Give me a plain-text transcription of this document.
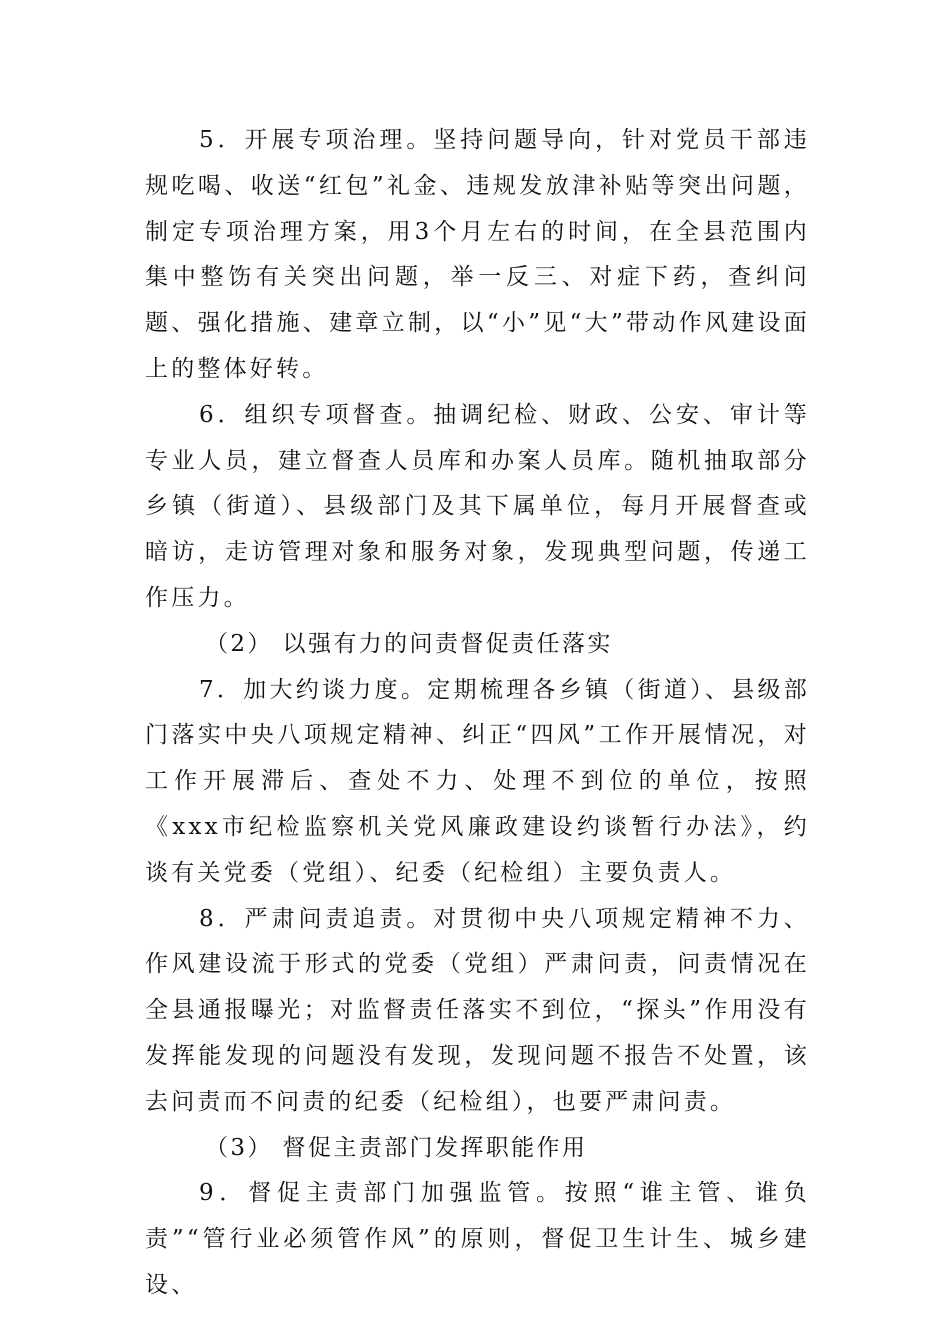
5．开展专项治理。坚持问题导向，针对党员干部违规吃喝、收送“红包”礼金、违规发放津补贴等突出问题，制定专项治理方案，用3个月左右的时间，在全县范围内集中整饬有关突出问题，举一反三、对症下药，查纠问题、强化措施、建章立制，以“小”见“大”带动作风建设面上的整体好转。

6．组织专项督查。抽调纪检、财政、公安、审计等专业人员，建立督查人员库和办案人员库。随机抽取部分乡镇（街道）、县级部门及其下属单位，每月开展督查或暗访，走访管理对象和服务对象，发现典型问题，传递工作压力。

（2） 以强有力的问责督促责任落实

7．加大约谈力度。定期梳理各乡镇（街道）、县级部门落实中央八项规定精神、纠正“四风”工作开展情况，对工作开展滞后、查处不力、处理不到位的单位，按照《xxx市纪检监察机关党风廉政建设约谈暂行办法》，约谈有关党委（党组）、纪委（纪检组）主要负责人。

8．严肃问责追责。对贯彻中央八项规定精神不力、作风建设流于形式的党委（党组）严肃问责，问责情况在全县通报曝光；对监督责任落实不到位，“探头”作用没有发挥能发现的问题没有发现，发现问题不报告不处置，该去问责而不问责的纪委（纪检组），也要严肃问责。

（3） 督促主责部门发挥职能作用

9．督促主责部门加强监管。按照“谁主管、谁负责”“管行业必须管作风”的原则，督促卫生计生、城乡建设、
